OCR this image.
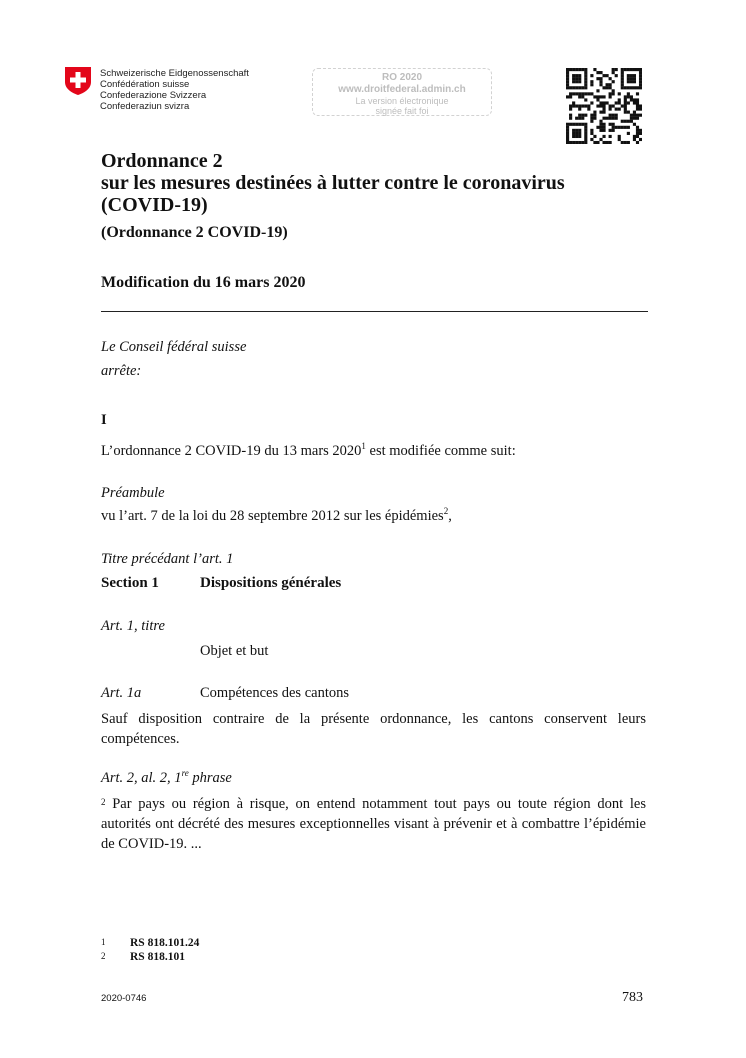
Schweizerische Eidgenossenschaft
Confédération suisse
Confederazione Svizzera
Confederaziun svizra
RO 2020
www.droitfederal.admin.ch
La version électronique
signée fait foi
Ordonnance 2
sur les mesures destinées à lutter contre le coronavirus
(COVID-19)
(Ordonnance 2 COVID-19)
Modification du 16 mars 2020
Le Conseil fédéral suisse
arrête:
I
L’ordonnance 2 COVID-19 du 13 mars 2020$^1$ est modifiée comme suit:
Préambule
vu l’art. 7 de la loi du 28 septembre 2012 sur les épidémies$^2$,
Titre précédant l’art. 1
Section 1	Dispositions générales
Art. 1, titre
Objet et but
Art. 1a	Compétences des cantons
Sauf disposition contraire de la présente ordonnance, les cantons conservent leurs compétences.
Art. 2, al. 2, 1re phrase
$^2$ Par pays ou région à risque, on entend notamment tout pays ou toute région dont les autorités ont décrété des mesures exceptionnelles visant à prévenir et à combattre l’épidémie de COVID-19. ...
1 RS 818.101.24
2 RS 818.101
2020-0746	783
